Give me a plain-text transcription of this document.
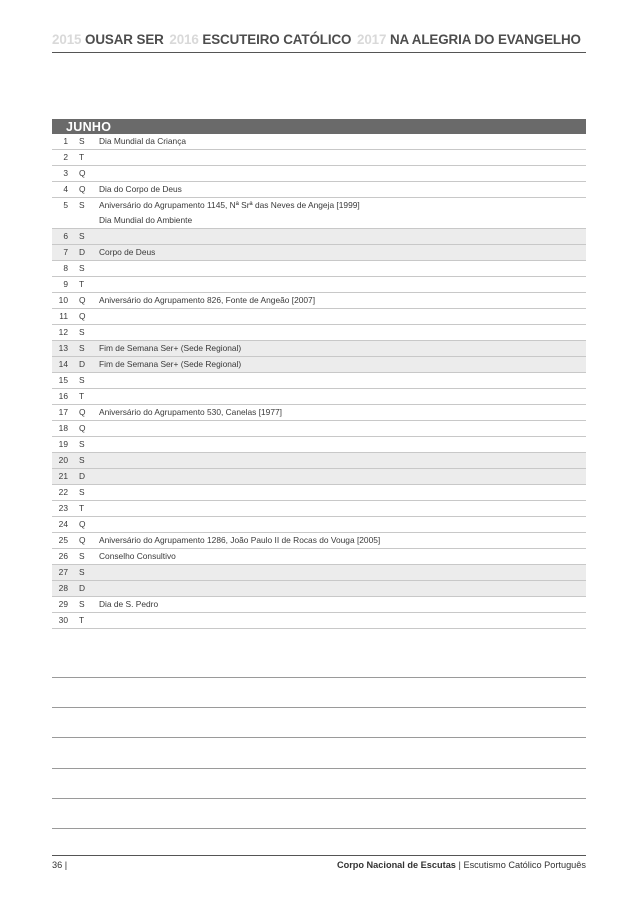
2015 OUSAR SER 2016 ESCUTEIRO CATÓLICO 2017 NA ALEGRIA DO EVANGELHO
JUNHO
1	S	Dia Mundial da Criança
2	T
3	Q
4	Q	Dia do Corpo de Deus
5	S	Aniversário do Agrupamento 1145, Nª Srª das Neves de Angeja [1999]
Dia Mundial do Ambiente
6	S
7	D	Corpo de Deus
8	S
9	T
10	Q	Aniversário do Agrupamento 826, Fonte de Angeão [2007]
11	Q
12	S
13	S	Fim de Semana Ser+ (Sede Regional)
14	D	Fim de Semana Ser+ (Sede Regional)
15	S
16	T
17	Q	Aniversário do Agrupamento 530, Canelas [1977]
18	Q
19	S
20	S
21	D
22	S
23	T
24	Q
25	Q	Aniversário do Agrupamento 1286, João Paulo II de Rocas do Vouga [2005]
26	S	Conselho Consultivo
27	S
28	D
29	S	Dia de S. Pedro
30	T
36 |	Corpo Nacional de Escutas | Escutismo Católico Português
